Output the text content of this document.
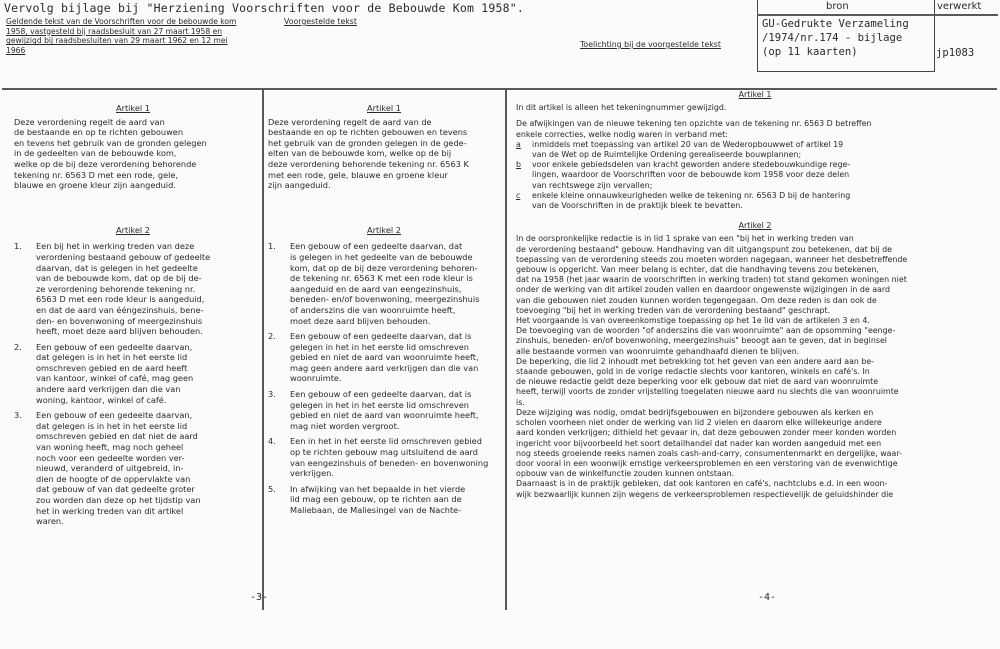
Vervolg bijlage bij "Herziening Voorschriften voor de Bebouwde Kom 1958".
Geldende tekst van de Voorschriften voor de bebouwde kom 1958, vastgesteld bij raadsbesluit van 27 maart 1958 en gewijzigd bij raadsbesluiten van 29 maart 1962 en 12 mei 1966
Voorgestelde tekst
Toelichting bij de voorgestelde tekst
bron	verwerkt
GU-Gedrukte Verzameling
/1974/nr.174 - bijlage
(op 11 kaarten)	jp1083
Artikel 1
Deze verordening regelt de aard van
de bestaande en op te richten gebouwen
en tevens het gebruik van de gronden gelegen
in de gedeelten van de bebouwde kom,
welke op de bij deze verordening behorende
tekening nr. 6563 D met een rode, gele,
blauwe en groene kleur zijn aangeduid.
Artikel 2
1. Een bij het in werking treden van deze
verordening bestaand gebouw of gedeelte
daarvan, dat is gelegen in het gedeelte
van de bebouwde kom, dat op de bij de-
ze verordening behorende tekening nr.
6563 D met een rode kleur is aangeduid,
en dat de aard van ééngezinshuis, bene-
den- en bovenwoning of meergezinshuis
heeft, moet deze aard blijven behouden.
2. Een gebouw of een gedeelte daarvan,
dat gelegen is in het in het eerste lid
omschreven gebied en de aard heeft
van kantoor, winkel of café, mag geen
andere aard verkrijgen dan die van
woning, kantoor, winkel of café.
3. Een gebouw of een gedeelte daarvan,
dat gelegen is in het in het eerste lid
omschreven gebied en dat niet de aard
van woning heeft, mag noch geheel
noch voor een gedeelte worden ver-
nieuwd, veranderd of uitgebreid, in-
dien de hoogte of de oppervlakte van
dat gebouw of van dat gedeelte groter
zou worden dan deze op het tijdstip van
het in werking treden van dit artikel
waren.
-3-
Artikel 1
Deze verordening regelt de aard van de
bestaande en op te richten gebouwen en tevens
het gebruik van de gronden gelegen in de gede-
elten van de bebouwde kom, welke op de bij
deze verordening behorende tekening nr. 6563 K
met een rode, gele, blauwe en groene kleur
zijn aangeduid.
Artikel 2
1. Een gebouw of een gedeelte daarvan, dat
is gelegen in het gedeelte van de bebouwde
kom, dat op de bij deze verordening behoren-
de tekening nr. 6563 K met een rode kleur is
aangeduid en de aard van eengezinshuis,
beneden- en/of bovenwoning, meergezinshuis
of anderszins die van woonruimte heeft,
moet deze aard blijven behouden.
2. Een gebouw of een gedeelte daarvan, dat is
gelegen in het in het eerste lid omschreven
gebied en niet de aard van woonruimte heeft,
mag geen andere aard verkrijgen dan die van
woonruimte.
3. Een gebouw of een gedeelte daarvan, dat is
gelegen in het in het eerste lid omschreven
gebied en niet de aard van woonruimte heeft,
mag niet worden vergroot.
4. Een in het in het eerste lid omschreven gebied
op te richten gebouw mag uitsluitend de aard
van eengezinshuis of beneden- en bovenwoning
verkrijgen.
5. In afwijking van het bepaalde in het vierde
lid mag een gebouw, op te richten aan de
Maliebaan, de Maliesingel van de Nachte-
Artikel 1
In dit artikel is alleen het tekeningnummer gewijzigd.
De afwijkingen van de nieuwe tekening ten opzichte van de tekening nr. 6563 D betreffen
enkele correcties, welke nodig waren in verband met:
a inmiddels met toepassing van artikel 20 van de Wederopbouwwet of artikel 19
van de Wet op de Ruimtelijke Ordening gerealiseerde bouwplannen;
b voor enkele gebiedsdelen van kracht geworden andere stedebouwkundige rege-
lingen, waardoor de Voorschriften voor de bebouwde kom 1958 voor deze delen
van rechtswege zijn vervallen;
c enkele kleine onnauwkeurigheden welke de tekening nr. 6563 D bij de hantering
van de Voorschriften in de praktijk bleek te bevatten.
Artikel 2
In de oorspronkelijke redactie is in lid 1 sprake van een "bij het in werking treden van
de verordening bestaand" gebouw. Handhaving van dit uitgangspunt zou betekenen, dat bij de
toepassing van de verordening steeds zou moeten worden nagegaan, wanneer het desbetreffende
gebouw is opgericht. Van meer belang is echter, dat die handhaving tevens zou betekenen,
dat na 1958 (het jaar waarin de voorschriften in werking traden) tot stand gekomen woningen niet
onder de werking van dit artikel zouden vallen en daardoor ongewenste wijzigingen in de aard
van die gebouwen niet zouden kunnen worden tegengegaan. Om deze reden is dan ook de
toevoeging "bij het in werking treden van de verordening bestaand" geschrapt.
Het voorgaande is van overeenkomstige toepassing op het 1e lid van de artikelen 3 en 4.
De toevoeging van de woorden "of anderszins die van woonruimte" aan de opsomming "eenge-
zinshuis, beneden- en/of bovenwoning, meergezinshuis" beoogt aan te geven, dat in beginsel
alle bestaande vormen van woonruimte gehandhaafd dienen te blijven.
De beperking, die lid 2 inhoudt met betrekking tot het geven van een andere aard aan be-
staande gebouwen, gold in de vorige redactie slechts voor kantoren, winkels en café's. In
de nieuwe redactie geldt deze beperking voor elk gebouw dat niet de aard van woonruimte
heeft, terwijl voorts de zonder vrijstelling toegelaten nieuwe aard nu slechts die van woonruimte
is.
Deze wijziging was nodig, omdat bedrijfsgebouwen en bijzondere gebouwen als kerken en
scholen voorheen niet onder de werking van lid 2 vielen en daarom elke willekeurige andere
aard konden verkrijgen; dithield het gevaar in, dat deze gebouwen zonder meer konden worden
ingericht voor bijvoorbeeld het soort detailhandel dat nader kan worden aangeduid met een
nog steeds groeiende reeks namen zoals cash-and-carry, consumentenmarkt en dergelijke, waar-
door vooral in een woonwijk ernstige verkeersproblemen en een verstoring van de evenwichtige
opbouw van de winkelfunctie zouden kunnen ontstaan.
Daarnaast is in de praktijk gebleken, dat ook kantoren en café's, nachtclubs e.d. in een woon-
wijk bezwaarlijk kunnen zijn wegens de verkeersproblemen respectievelijk de geluidshinder die
-4-
